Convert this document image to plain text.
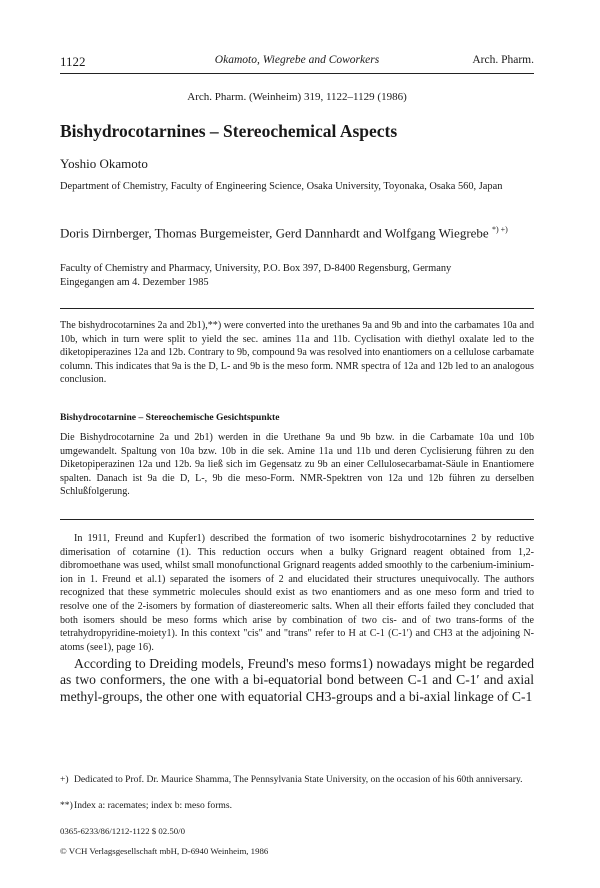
1122	Okamoto, Wiegrebe and Coworkers	Arch. Pharm.
Arch. Pharm. (Weinheim) 319, 1122–1129 (1986)
Bishydrocotarnines – Stereochemical Aspects
Yoshio Okamoto
Department of Chemistry, Faculty of Engineering Science, Osaka University, Toyonaka, Osaka 560, Japan
Doris Dirnberger, Thomas Burgemeister, Gerd Dannhardt and Wolfgang Wiegrebe *) +)
Faculty of Chemistry and Pharmacy, University, P.O. Box 397, D-8400 Regensburg, Germany
Eingegangen am 4. Dezember 1985
The bishydrocotarnines 2a and 2b1),**) were converted into the urethanes 9a and 9b and into the carbamates 10a and 10b, which in turn were split to yield the sec. amines 11a and 11b. Cyclisation with diethyl oxalate led to the diketopiperazines 12a and 12b. Contrary to 9b, compound 9a was resolved into enantiomers on a cellulose carbamate column. This indicates that 9a is the D, L- and 9b is the meso form. NMR spectra of 12a and 12b led to an analogous conclusion.
Bishydrocotarnine – Stereochemische Gesichtspunkte
Die Bishydrocotarnine 2a und 2b1) werden in die Urethane 9a und 9b bzw. in die Carbamate 10a und 10b umgewandelt. Spaltung von 10a bzw. 10b in die sek. Amine 11a und 11b und deren Cyclisierung führen zu den Diketopiperazinen 12a und 12b. 9a ließ sich im Gegensatz zu 9b an einer Cellulosecarbamat-Säule in Enantiomere spalten. Danach ist 9a die D, L-, 9b die meso-Form. NMR-Spektren von 12a und 12b führen zu derselben Schlußfolgerung.

In 1911, Freund and Kupfer1) described the formation of two isomeric bishydrocotarnines 2 by reductive dimerisation of cotarnine (1). This reduction occurs when a bulky Grignard reagent obtained from 1,2-dibromoethane was used, whilst small monofunctional Grignard reagents added smoothly to the carbenium-iminium-ion in 1. Freund et al.1) separated the isomers of 2 and elucidated their structures unequivocally. The authors recognized that these symmetric molecules should exist as two enantiomers and as one meso form and tried to resolve one of the 2-isomers by formation of diastereomeric salts. When all their efforts failed they concluded that both isomers should be meso forms which arise by combination of two cis- and of two trans-forms of the tetrahydropyridine-moiety1). In this context "cis" and "trans" refer to H at C-1 (C-1′) and CH3 at the adjoining N-atoms (see1), page 16).

According to Dreiding models, Freund's meso forms1) nowadays might be regarded as two conformers, the one with a bi-equatorial bond between C-1 and C-1′ and axial methyl-groups, the other one with equatorial CH3-groups and a bi-axial linkage of C-1

+) Dedicated to Prof. Dr. Maurice Shamma, The Pennsylvania State University, on the occasion of his 60th anniversary.
**)Index a: racemates; index b: meso forms.
0365-6233/86/1212-1122 $ 02.50/0
© VCH Verlagsgesellschaft mbH, D-6940 Weinheim, 1986
